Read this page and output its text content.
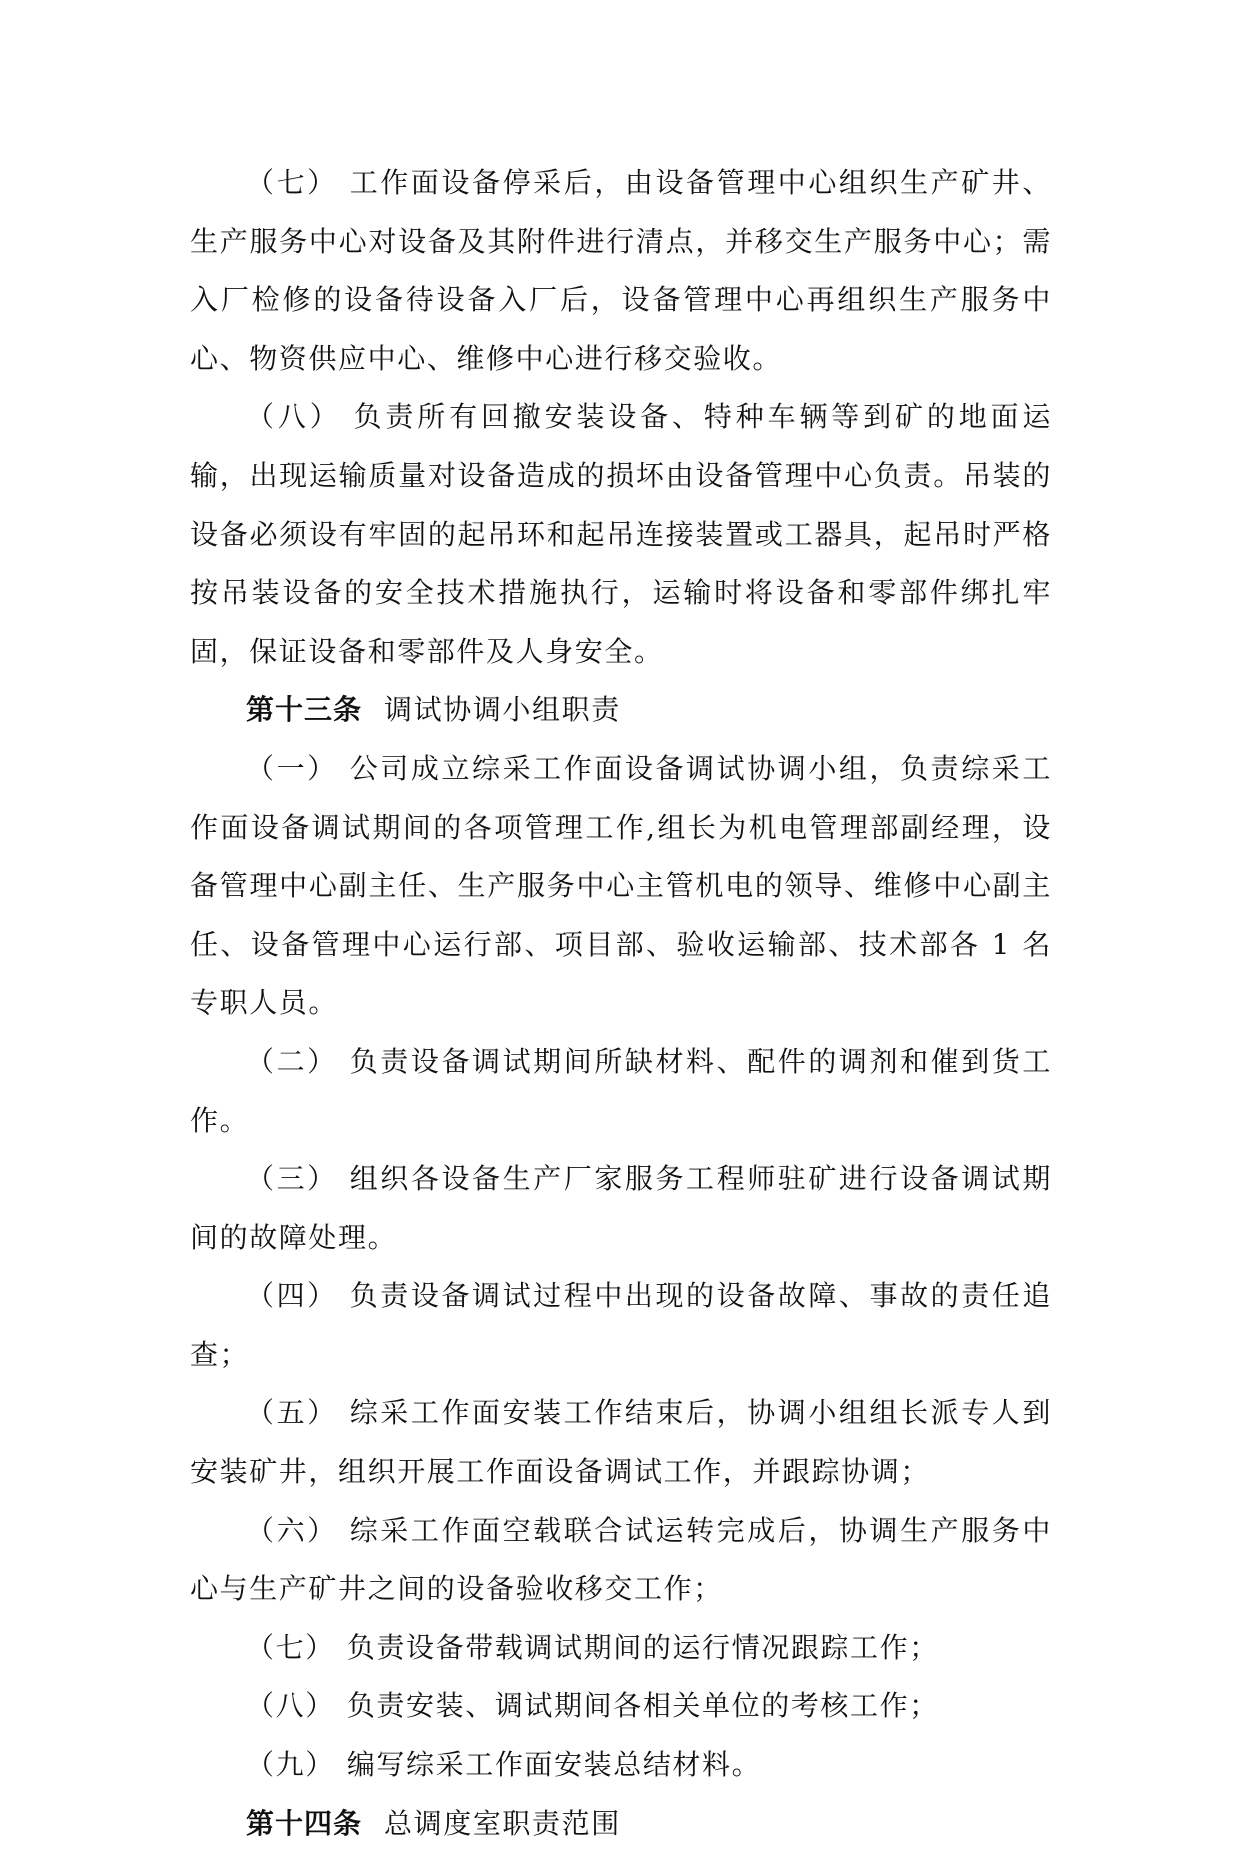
（七） 工作面设备停采后，由设备管理中心组织生产矿井、生产服务中心对设备及其附件进行清点，并移交生产服务中心；需入厂检修的设备待设备入厂后，设备管理中心再组织生产服务中心、物资供应中心、维修中心进行移交验收。

（八） 负责所有回撤安装设备、特种车辆等到矿的地面运输，出现运输质量对设备造成的损坏由设备管理中心负责。吊装的设备必须设有牢固的起吊环和起吊连接装置或工器具，起吊时严格按吊装设备的安全技术措施执行，运输时将设备和零部件绑扎牢固，保证设备和零部件及人身安全。

第十三条 调试协调小组职责

（一） 公司成立综采工作面设备调试协调小组，负责综采工作面设备调试期间的各项管理工作,组长为机电管理部副经理，设备管理中心副主任、生产服务中心主管机电的领导、维修中心副主任、设备管理中心运行部、项目部、验收运输部、技术部各 1 名专职人员。

（二） 负责设备调试期间所缺材料、配件的调剂和催到货工作。

（三） 组织各设备生产厂家服务工程师驻矿进行设备调试期间的故障处理。

（四） 负责设备调试过程中出现的设备故障、事故的责任追查；

（五） 综采工作面安装工作结束后，协调小组组长派专人到安装矿井，组织开展工作面设备调试工作，并跟踪协调；

（六） 综采工作面空载联合试运转完成后，协调生产服务中心与生产矿井之间的设备验收移交工作；

（七） 负责设备带载调试期间的运行情况跟踪工作；

（八） 负责安装、调试期间各相关单位的考核工作；

（九） 编写综采工作面安装总结材料。

第十四条 总调度室职责范围
